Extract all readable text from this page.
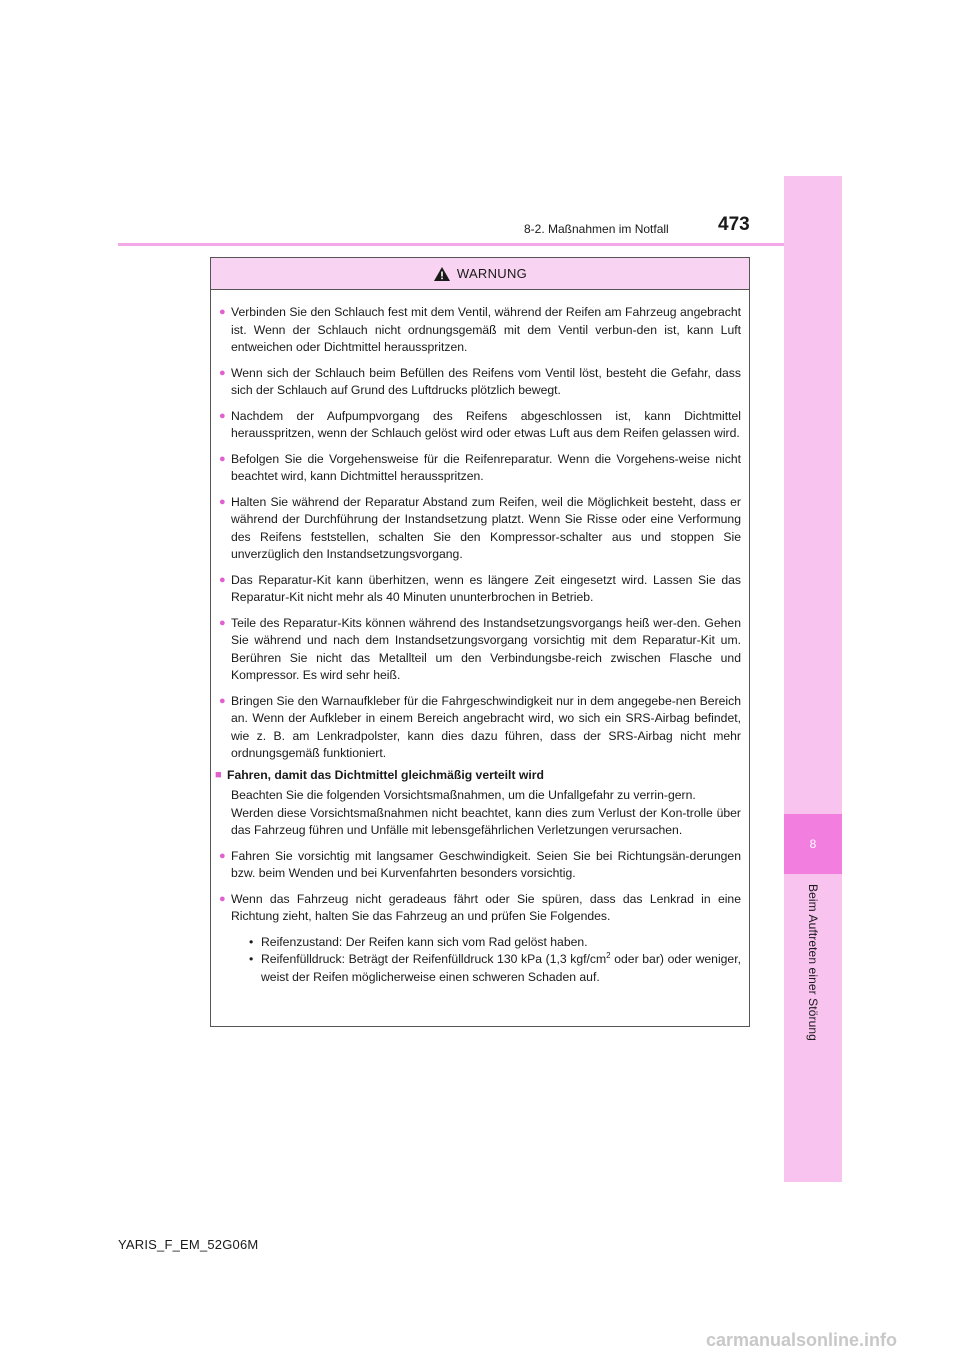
8
Beim Auftreten einer Störung
8-2. Maßnahmen im Notfall	473
WARNUNG
● Verbinden Sie den Schlauch fest mit dem Ventil, während der Reifen am Fahrzeug angebracht ist. Wenn der Schlauch nicht ordnungsgemäß mit dem Ventil verbun-den ist, kann Luft entweichen oder Dichtmittel herausspritzen.
● Wenn sich der Schlauch beim Befüllen des Reifens vom Ventil löst, besteht die Gefahr, dass sich der Schlauch auf Grund des Luftdrucks plötzlich bewegt.
● Nachdem der Aufpumpvorgang des Reifens abgeschlossen ist, kann Dichtmittel herausspritzen, wenn der Schlauch gelöst wird oder etwas Luft aus dem Reifen gelassen wird.
● Befolgen Sie die Vorgehensweise für die Reifenreparatur. Wenn die Vorgehens-weise nicht beachtet wird, kann Dichtmittel herausspritzen.
● Halten Sie während der Reparatur Abstand zum Reifen, weil die Möglichkeit besteht, dass er während der Durchführung der Instandsetzung platzt. Wenn Sie Risse oder eine Verformung des Reifens feststellen, schalten Sie den Kompressor-schalter aus und stoppen Sie unverzüglich den Instandsetzungsvorgang.
● Das Reparatur-Kit kann überhitzen, wenn es längere Zeit eingesetzt wird. Lassen Sie das Reparatur-Kit nicht mehr als 40 Minuten ununterbrochen in Betrieb.
● Teile des Reparatur-Kits können während des Instandsetzungsvorgangs heiß wer-den. Gehen Sie während und nach dem Instandsetzungsvorgang vorsichtig mit dem Reparatur-Kit um. Berühren Sie nicht das Metallteil um den Verbindungsbe-reich zwischen Flasche und Kompressor. Es wird sehr heiß.
● Bringen Sie den Warnaufkleber für die Fahrgeschwindigkeit nur in dem angegebe-nen Bereich an. Wenn der Aufkleber in einem Bereich angebracht wird, wo sich ein SRS-Airbag befindet, wie z. B. am Lenkradpolster, kann dies dazu führen, dass der SRS-Airbag nicht mehr ordnungsgemäß funktioniert.
■ Fahren, damit das Dichtmittel gleichmäßig verteilt wird
Beachten Sie die folgenden Vorsichtsmaßnahmen, um die Unfallgefahr zu verrin-gern.
Werden diese Vorsichtsmaßnahmen nicht beachtet, kann dies zum Verlust der Kon-trolle über das Fahrzeug führen und Unfälle mit lebensgefährlichen Verletzungen verursachen.
● Fahren Sie vorsichtig mit langsamer Geschwindigkeit. Seien Sie bei Richtungsän-derungen bzw. beim Wenden und bei Kurvenfahrten besonders vorsichtig.
● Wenn das Fahrzeug nicht geradeaus fährt oder Sie spüren, dass das Lenkrad in eine Richtung zieht, halten Sie das Fahrzeug an und prüfen Sie Folgendes.
• Reifenzustand: Der Reifen kann sich vom Rad gelöst haben.
• Reifenfülldruck: Beträgt der Reifenfülldruck 130 kPa (1,3 kgf/$cm^2$ oder bar) oder weniger, weist der Reifen möglicherweise einen schweren Schaden auf.
YARIS_F_EM_52G06M
carmanualsonline.info
